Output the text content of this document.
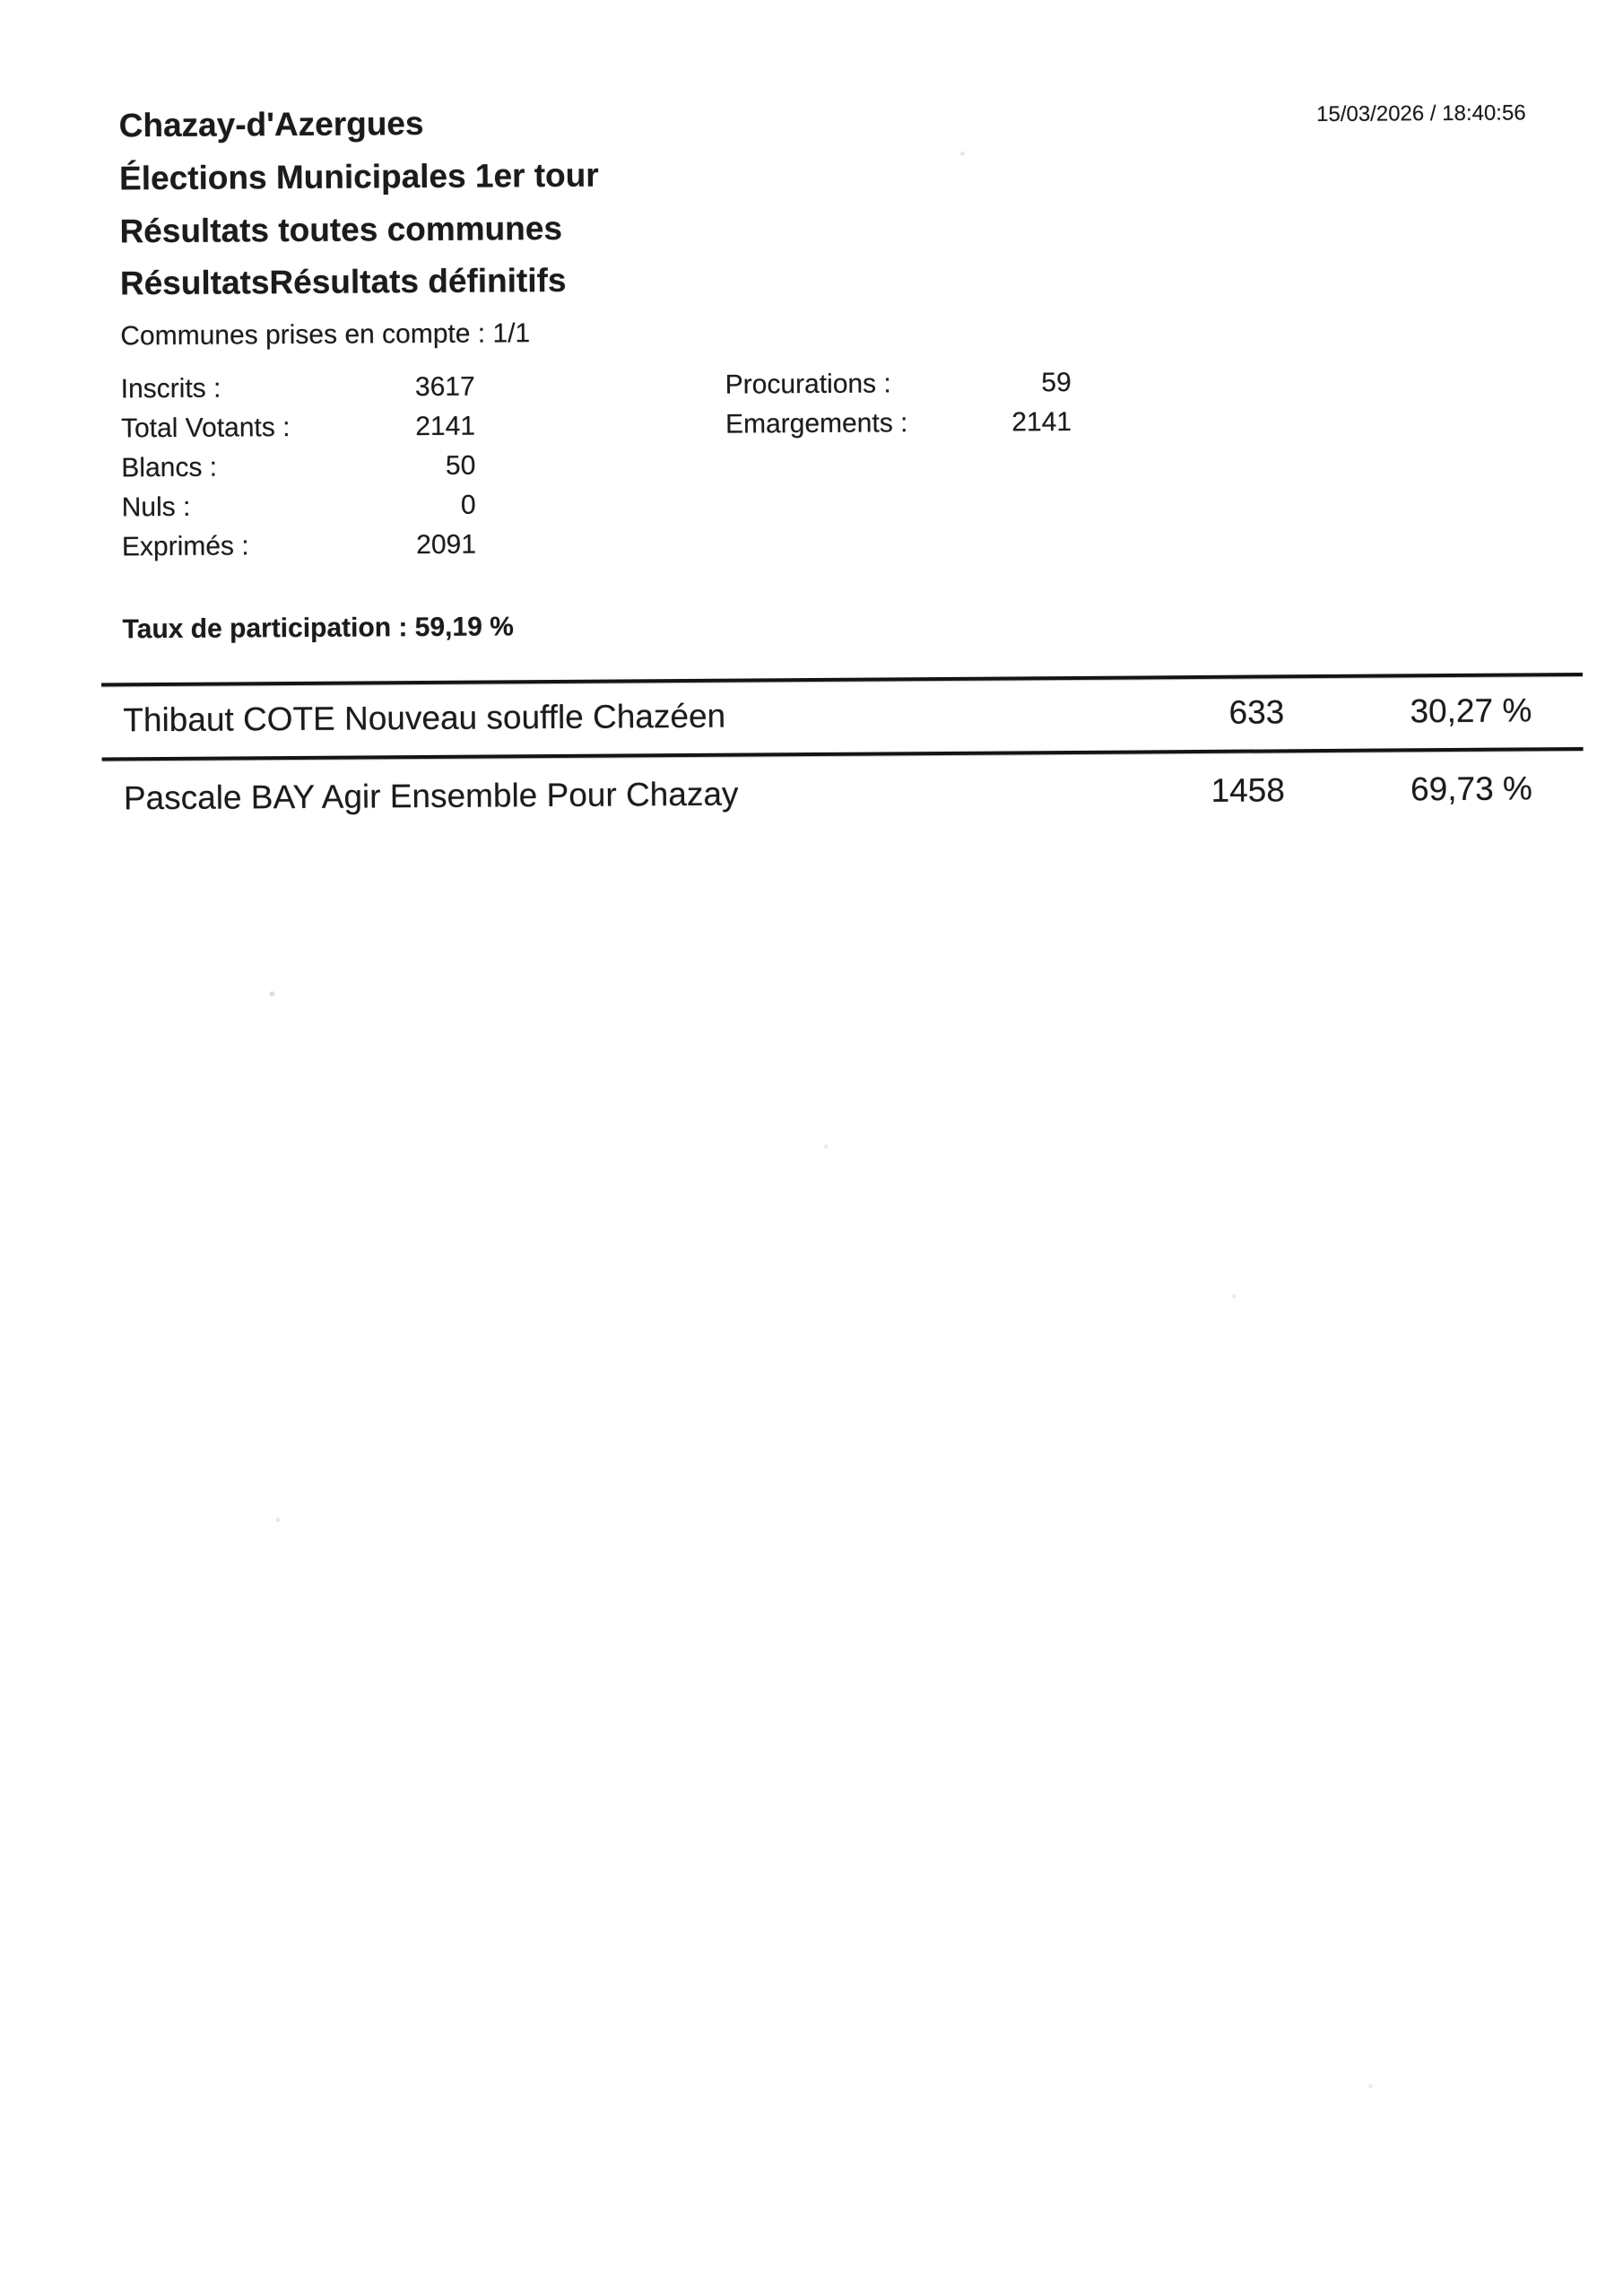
Chazay-d'Azergues	15/03/2026 / 18:40:56
Élections Municipales 1er tour
Résultats toutes communes
RésultatsRésultats définitifs
Communes prises en compte : 1/1
Inscrits :	3617
Total Votants :	2141
Blancs :	50
Nuls :	0
Exprimés :	2091
Procurations :	59
Emargements :	2141
Taux de participation : 59,19 %
Thibaut COTE Nouveau souffle Chazéen	633	30,27 %
Pascale BAY Agir Ensemble Pour Chazay	1458	69,73 %
